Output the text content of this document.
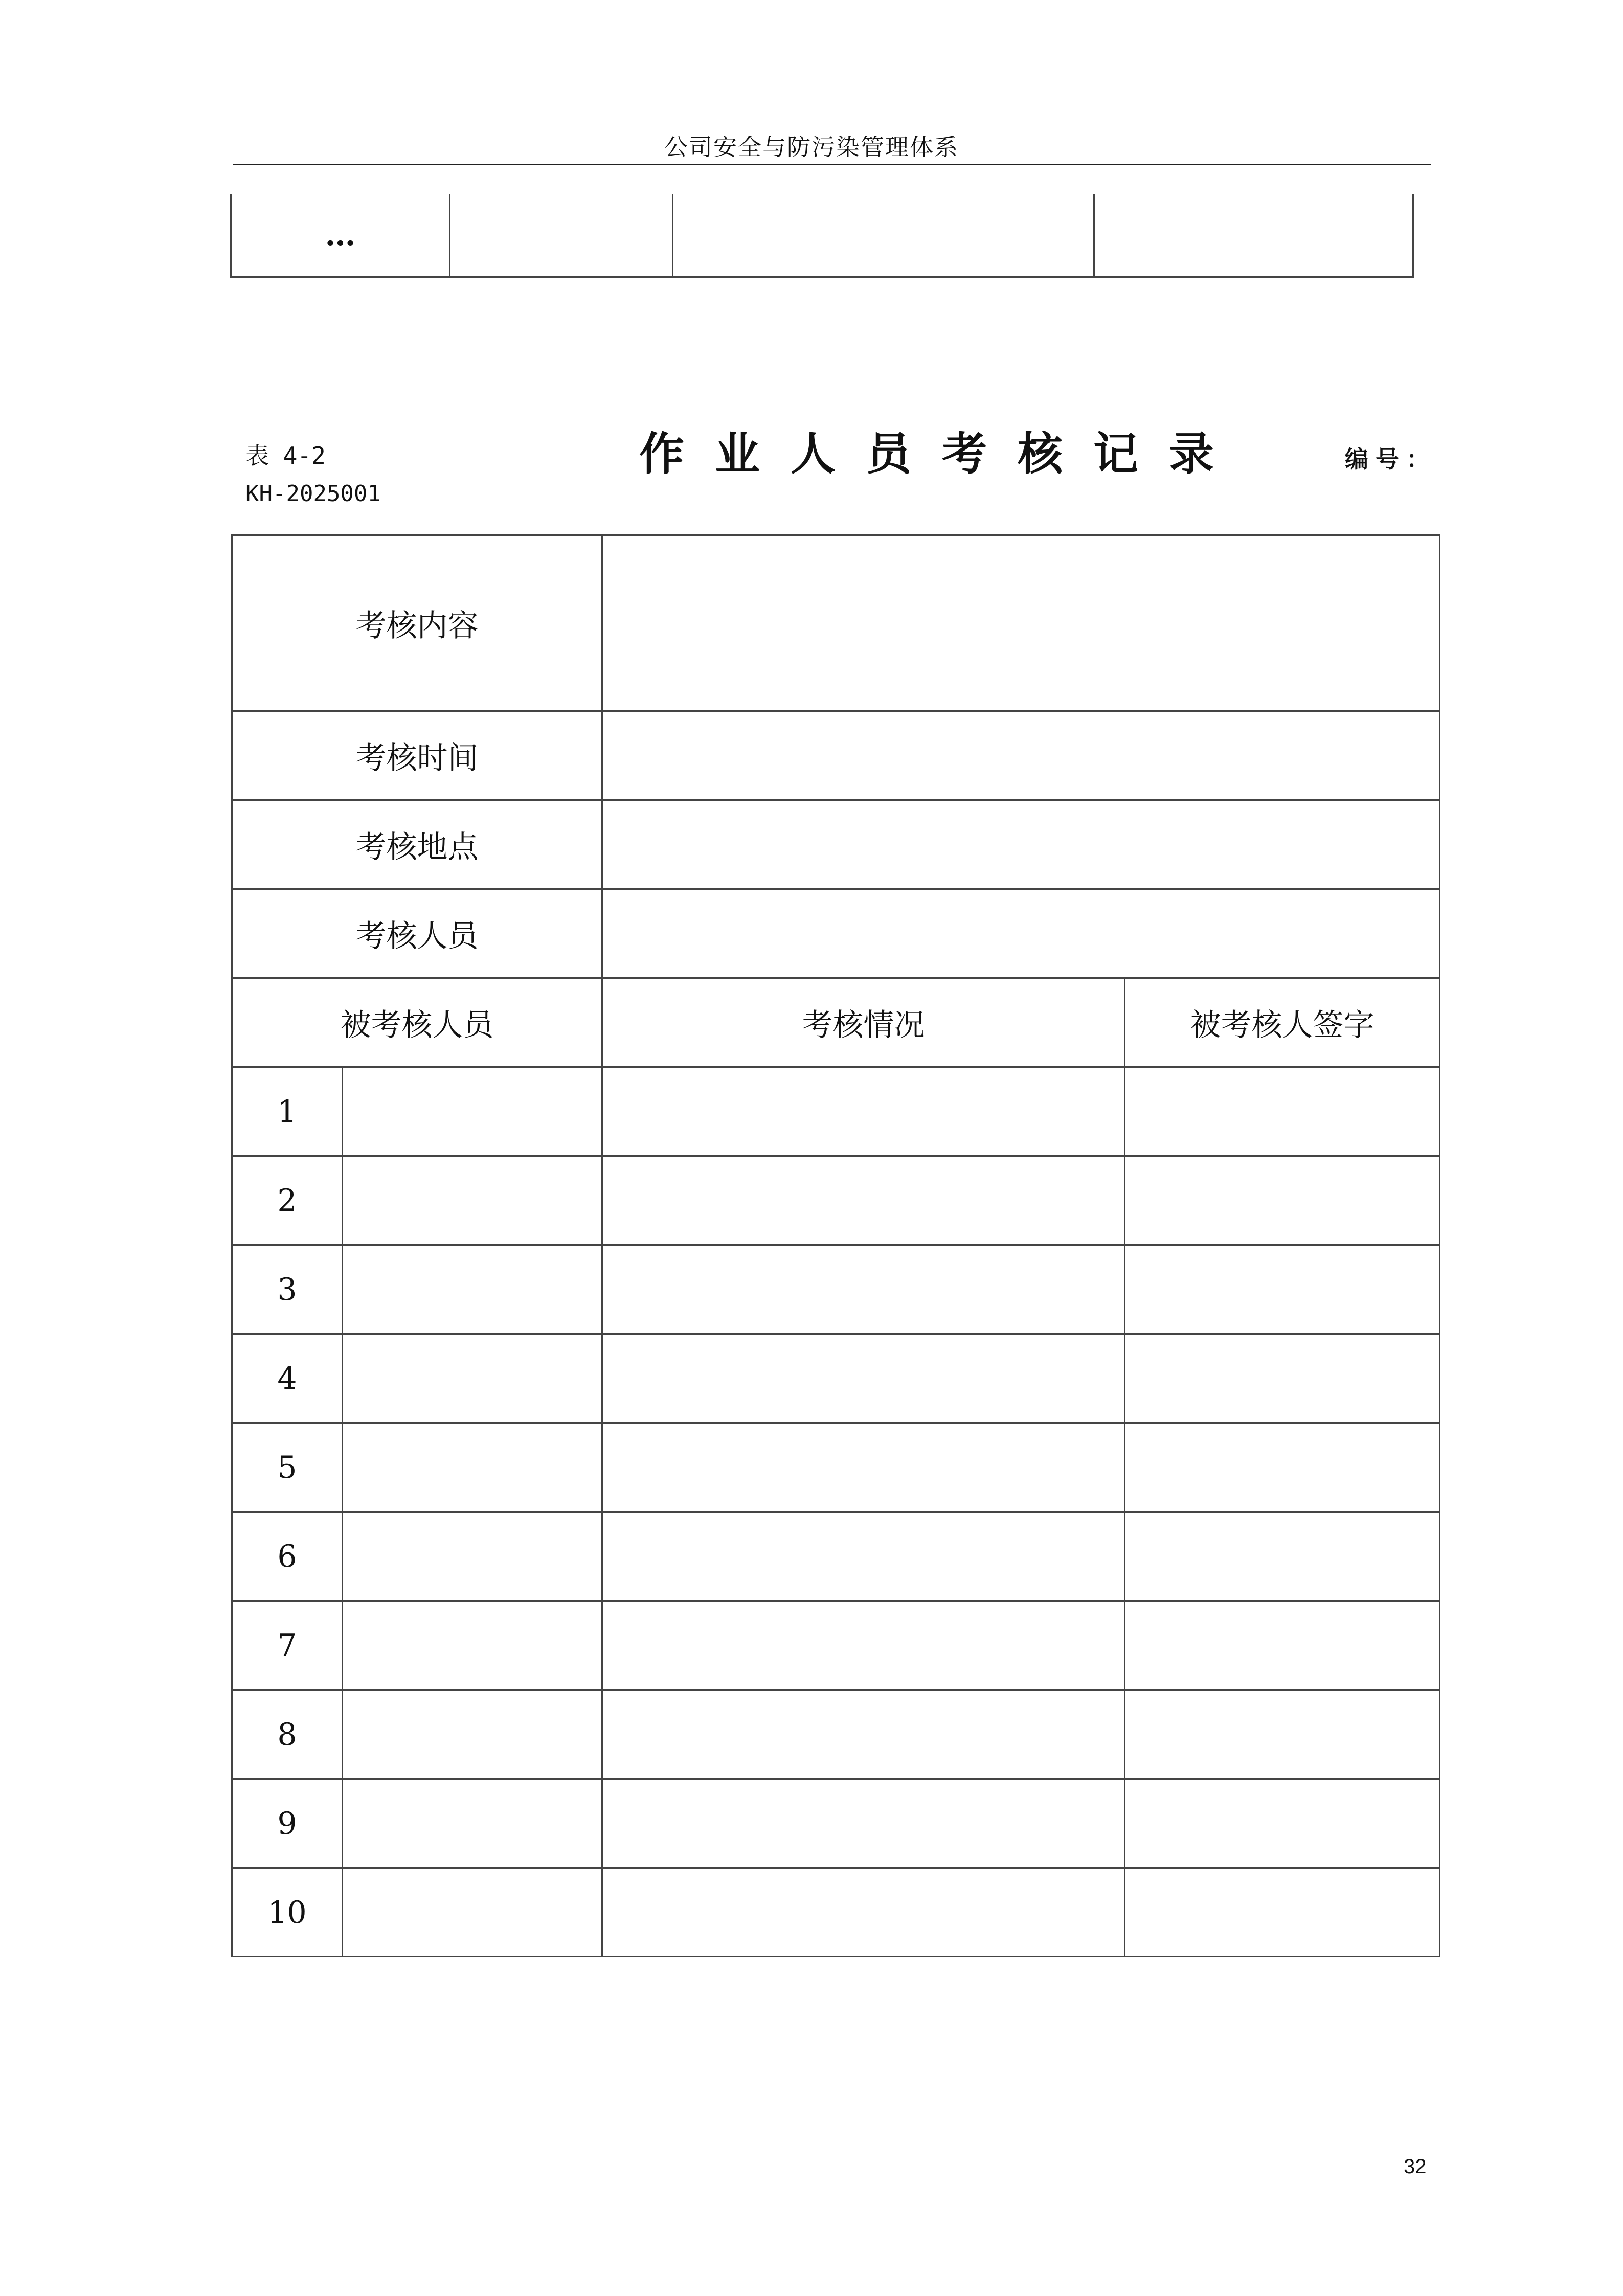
公司安全与防污染管理体系
…			
表 4-2	作业人员考核记录	编号：
KH-2025001
考核内容			
考核时间			
考核地点			
考核人员			
被考核人员		考核情况	被考核人签字
1			
2			
3			
4			
5			
6			
7			
8			
9			
10			
32
